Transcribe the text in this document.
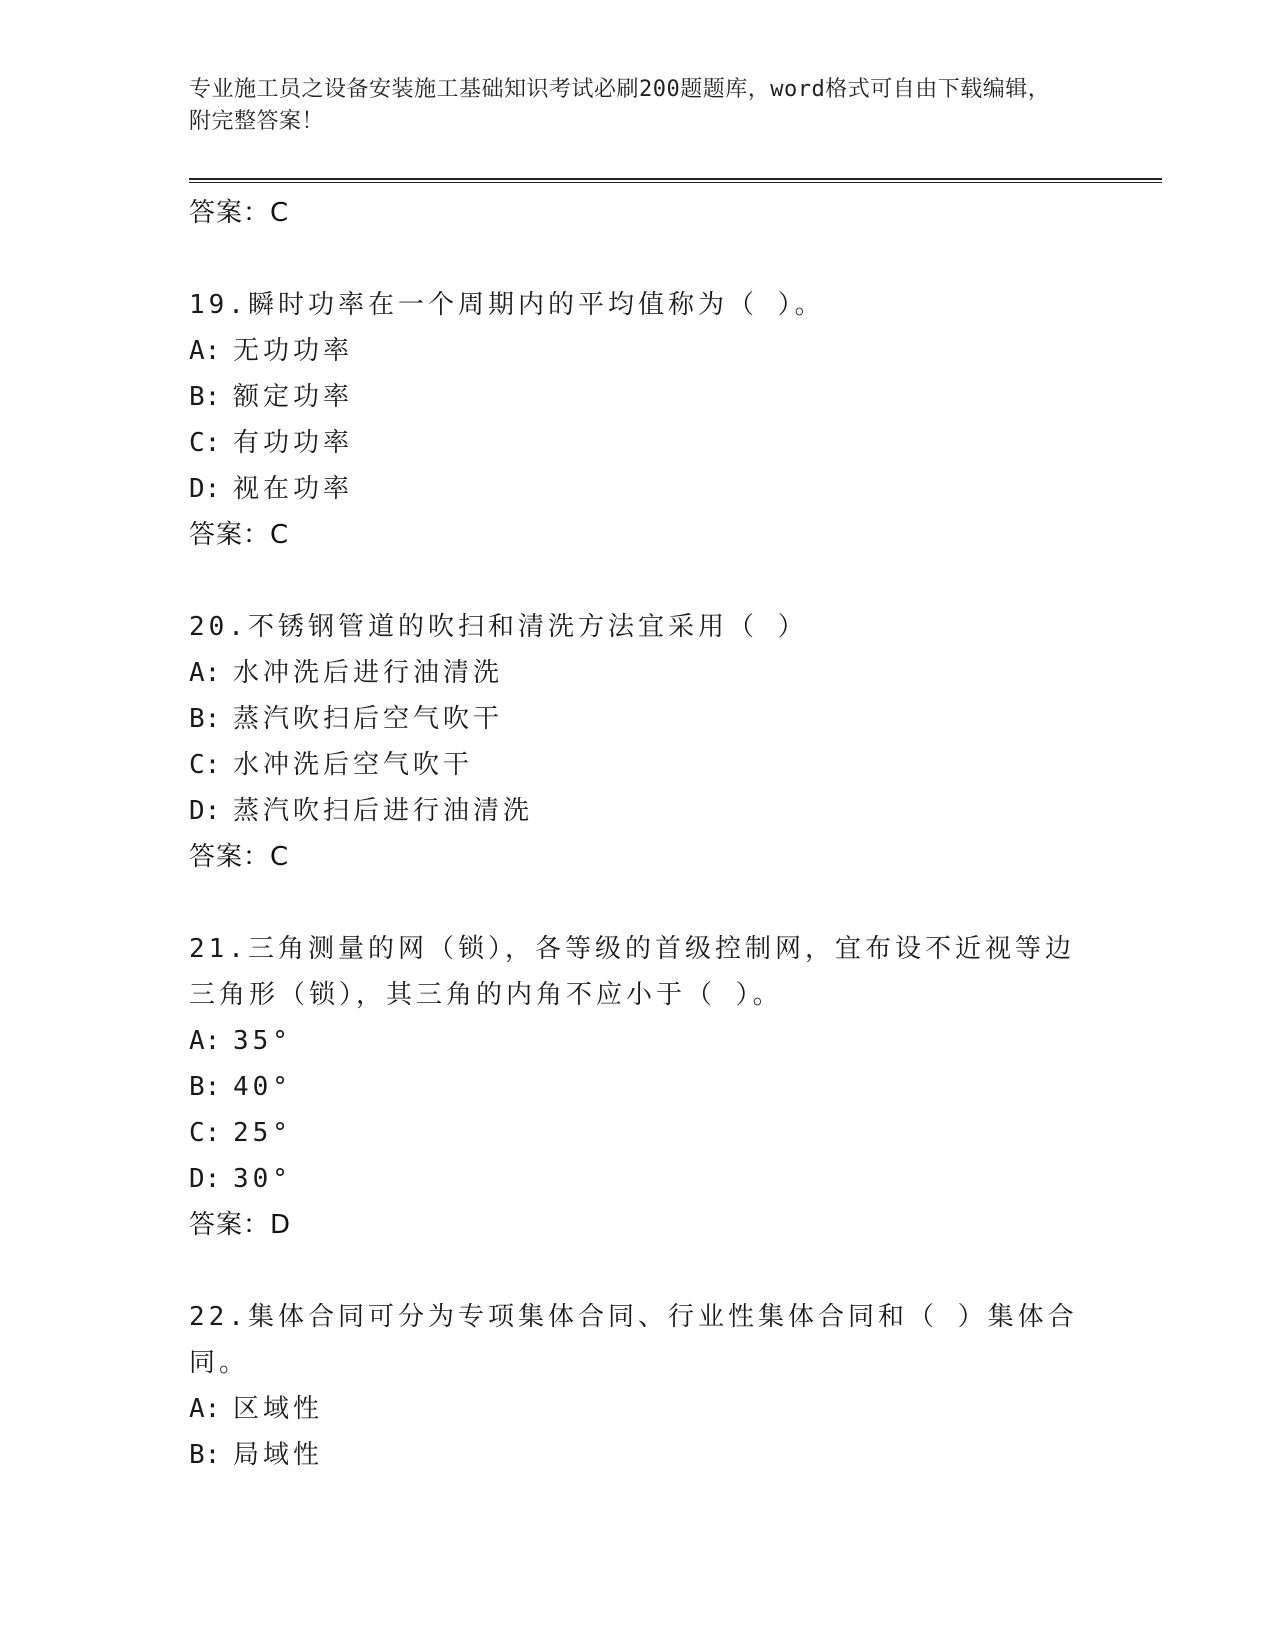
专业施工员之设备安装施工基础知识考试必刷200题题库，word格式可自由下载编辑，附完整答案！
答案：C
19.瞬时功率在一个周期内的平均值称为（ ）。
A: 无功功率
B: 额定功率
C: 有功功率
D: 视在功率
答案：C
20.不锈钢管道的吹扫和清洗方法宜采用（ ）
A: 水冲洗后进行油清洗
B: 蒸汽吹扫后空气吹干
C: 水冲洗后空气吹干
D: 蒸汽吹扫后进行油清洗
答案：C
21.三角测量的网（锁），各等级的首级控制网，宜布设不近视等边三角形（锁），其三角的内角不应小于（ ）。
A: 35°
B: 40°
C: 25°
D: 30°
答案：D
22.集体合同可分为专项集体合同、行业性集体合同和（ ）集体合同。
A: 区域性
B: 局域性
